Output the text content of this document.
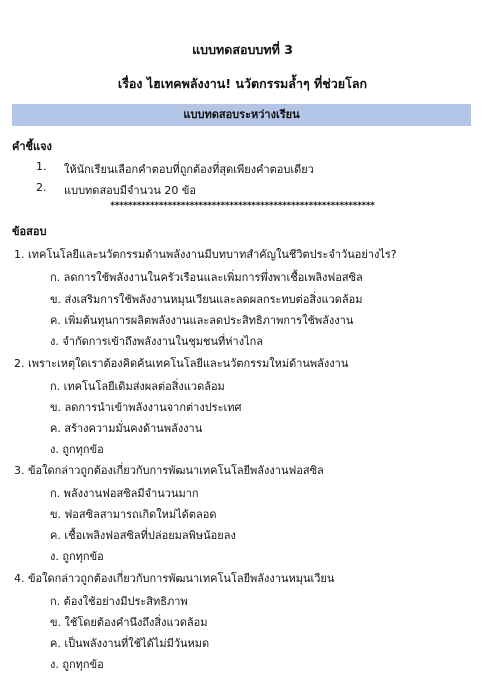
แบบทดสอบบทที่ 3
เรื่อง ไฮเทคพลังงาน! นวัตกรรมล้ำๆ ที่ช่วยโลก
แบบทดสอบระหว่างเรียน
คำชี้แจง
1. ให้นักเรียนเลือกคำตอบที่ถูกต้องที่สุดเพียงคำตอบเดียว
2. แบบทดสอบมีจำนวน 20 ข้อ
************************************************************
ข้อสอบ
1. เทคโนโลยีและนวัตกรรมด้านพลังงานมีบทบาทสำคัญในชีวิตประจำวันอย่างไร?
ก. ลดการใช้พลังงานในครัวเรือนและเพิ่มการพึ่งพาเชื้อเพลิงฟอสซิล
ข. ส่งเสริมการใช้พลังงานหมุนเวียนและลดผลกระทบต่อสิ่งแวดล้อม
ค. เพิ่มต้นทุนการผลิตพลังงานและลดประสิทธิภาพการใช้พลังงาน
ง. จำกัดการเข้าถึงพลังงานในชุมชนที่ห่างไกล
2. เพราะเหตุใดเราต้องคิดค้นเทคโนโลยีและนวัตกรรมใหม่ด้านพลังงาน
ก. เทคโนโลยีเดิมส่งผลต่อสิ่งแวดล้อม
ข. ลดการนำเข้าพลังงานจากต่างประเทศ
ค. สร้างความมั่นคงด้านพลังงาน
ง. ถูกทุกข้อ
3. ข้อใดกล่าวถูกต้องเกี่ยวกับการพัฒนาเทคโนโลยีพลังงานฟอสซิล
ก. พลังงานฟอสซิลมีจำนวนมาก
ข. ฟอสซิลสามารถเกิดใหม่ได้ตลอด
ค. เชื้อเพลิงฟอสซิลที่ปล่อยมลพิษน้อยลง
ง. ถูกทุกข้อ
4. ข้อใดกล่าวถูกต้องเกี่ยวกับการพัฒนาเทคโนโลยีพลังงานหมุนเวียน
ก. ต้องใช้อย่างมีประสิทธิภาพ
ข. ใช้โดยต้องคำนึงถึงสิ่งแวดล้อม
ค. เป็นพลังงานที่ใช้ได้ไม่มีวันหมด
ง. ถูกทุกข้อ
